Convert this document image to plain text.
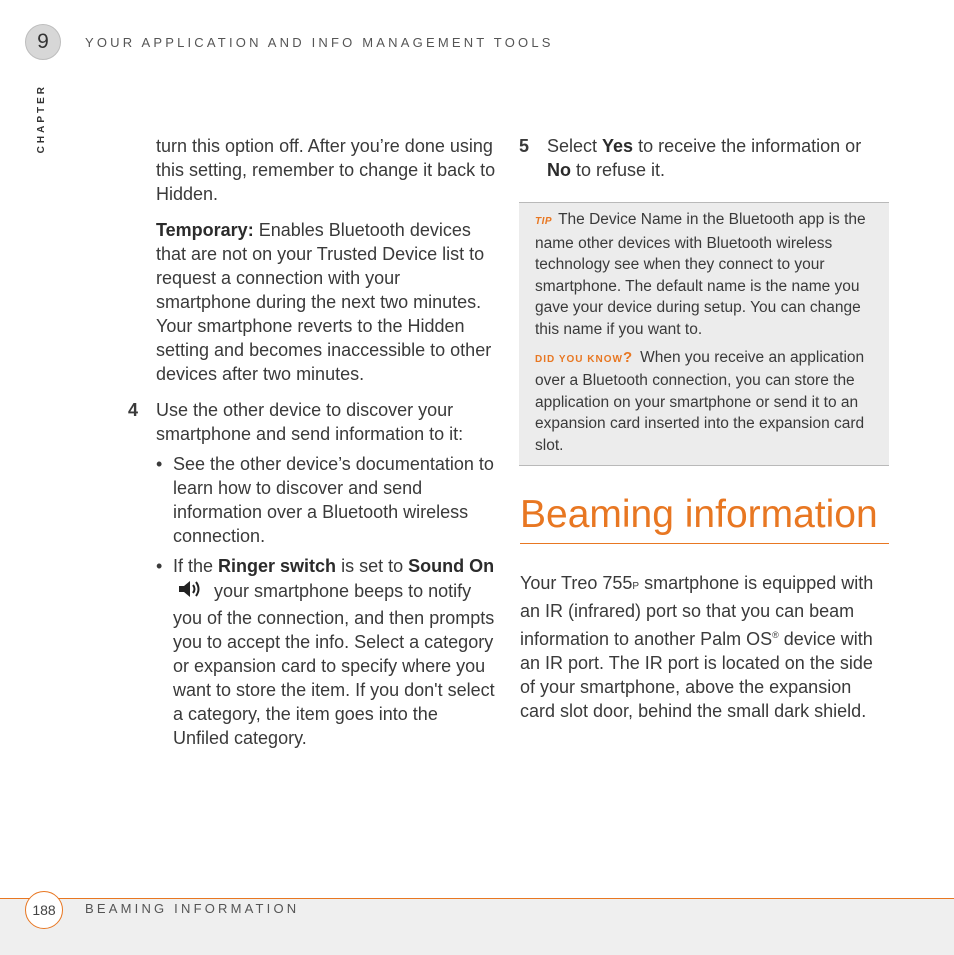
9	YOUR APPLICATION AND INFO MANAGEMENT TOOLS
CHAPTER	turn this option off. After you’re done using this setting, remember to change it back to Hidden.

Temporary: Enables Bluetooth devices that are not on your Trusted Device list to request a connection with your smartphone during the next two minutes. Your smartphone reverts to the Hidden setting and becomes inaccessible to other devices after two minutes.

4 Use the other device to discover your smartphone and send information to it:
• See the other device’s documentation to learn how to discover and send information over a Bluetooth wireless connection.
• If the Ringer switch is set to Sound On your smartphone beeps to notify you of the connection, and then prompts you to accept the info. Select a category or expansion card to specify where you want to store the item. If you don't select a category, the item goes into the Unfiled category.
5 Select Yes to receive the information or No to refuse it.

TIP The Device Name in the Bluetooth app is the name other devices with Bluetooth wireless technology see when they connect to your smartphone. The default name is the name you gave your device during setup. You can change this name if you want to.

DID YOU KNOW? When you receive an application over a Bluetooth connection, you can store the application on your smartphone or send it to an expansion card inserted into the expansion card slot.

Beaming information

Your Treo 755P smartphone is equipped with an IR (infrared) port so that you can beam information to another Palm OS® device with an IR port. The IR port is located on the side of your smartphone, above the expansion card slot door, behind the small dark shield.

188	BEAMING INFORMATION
